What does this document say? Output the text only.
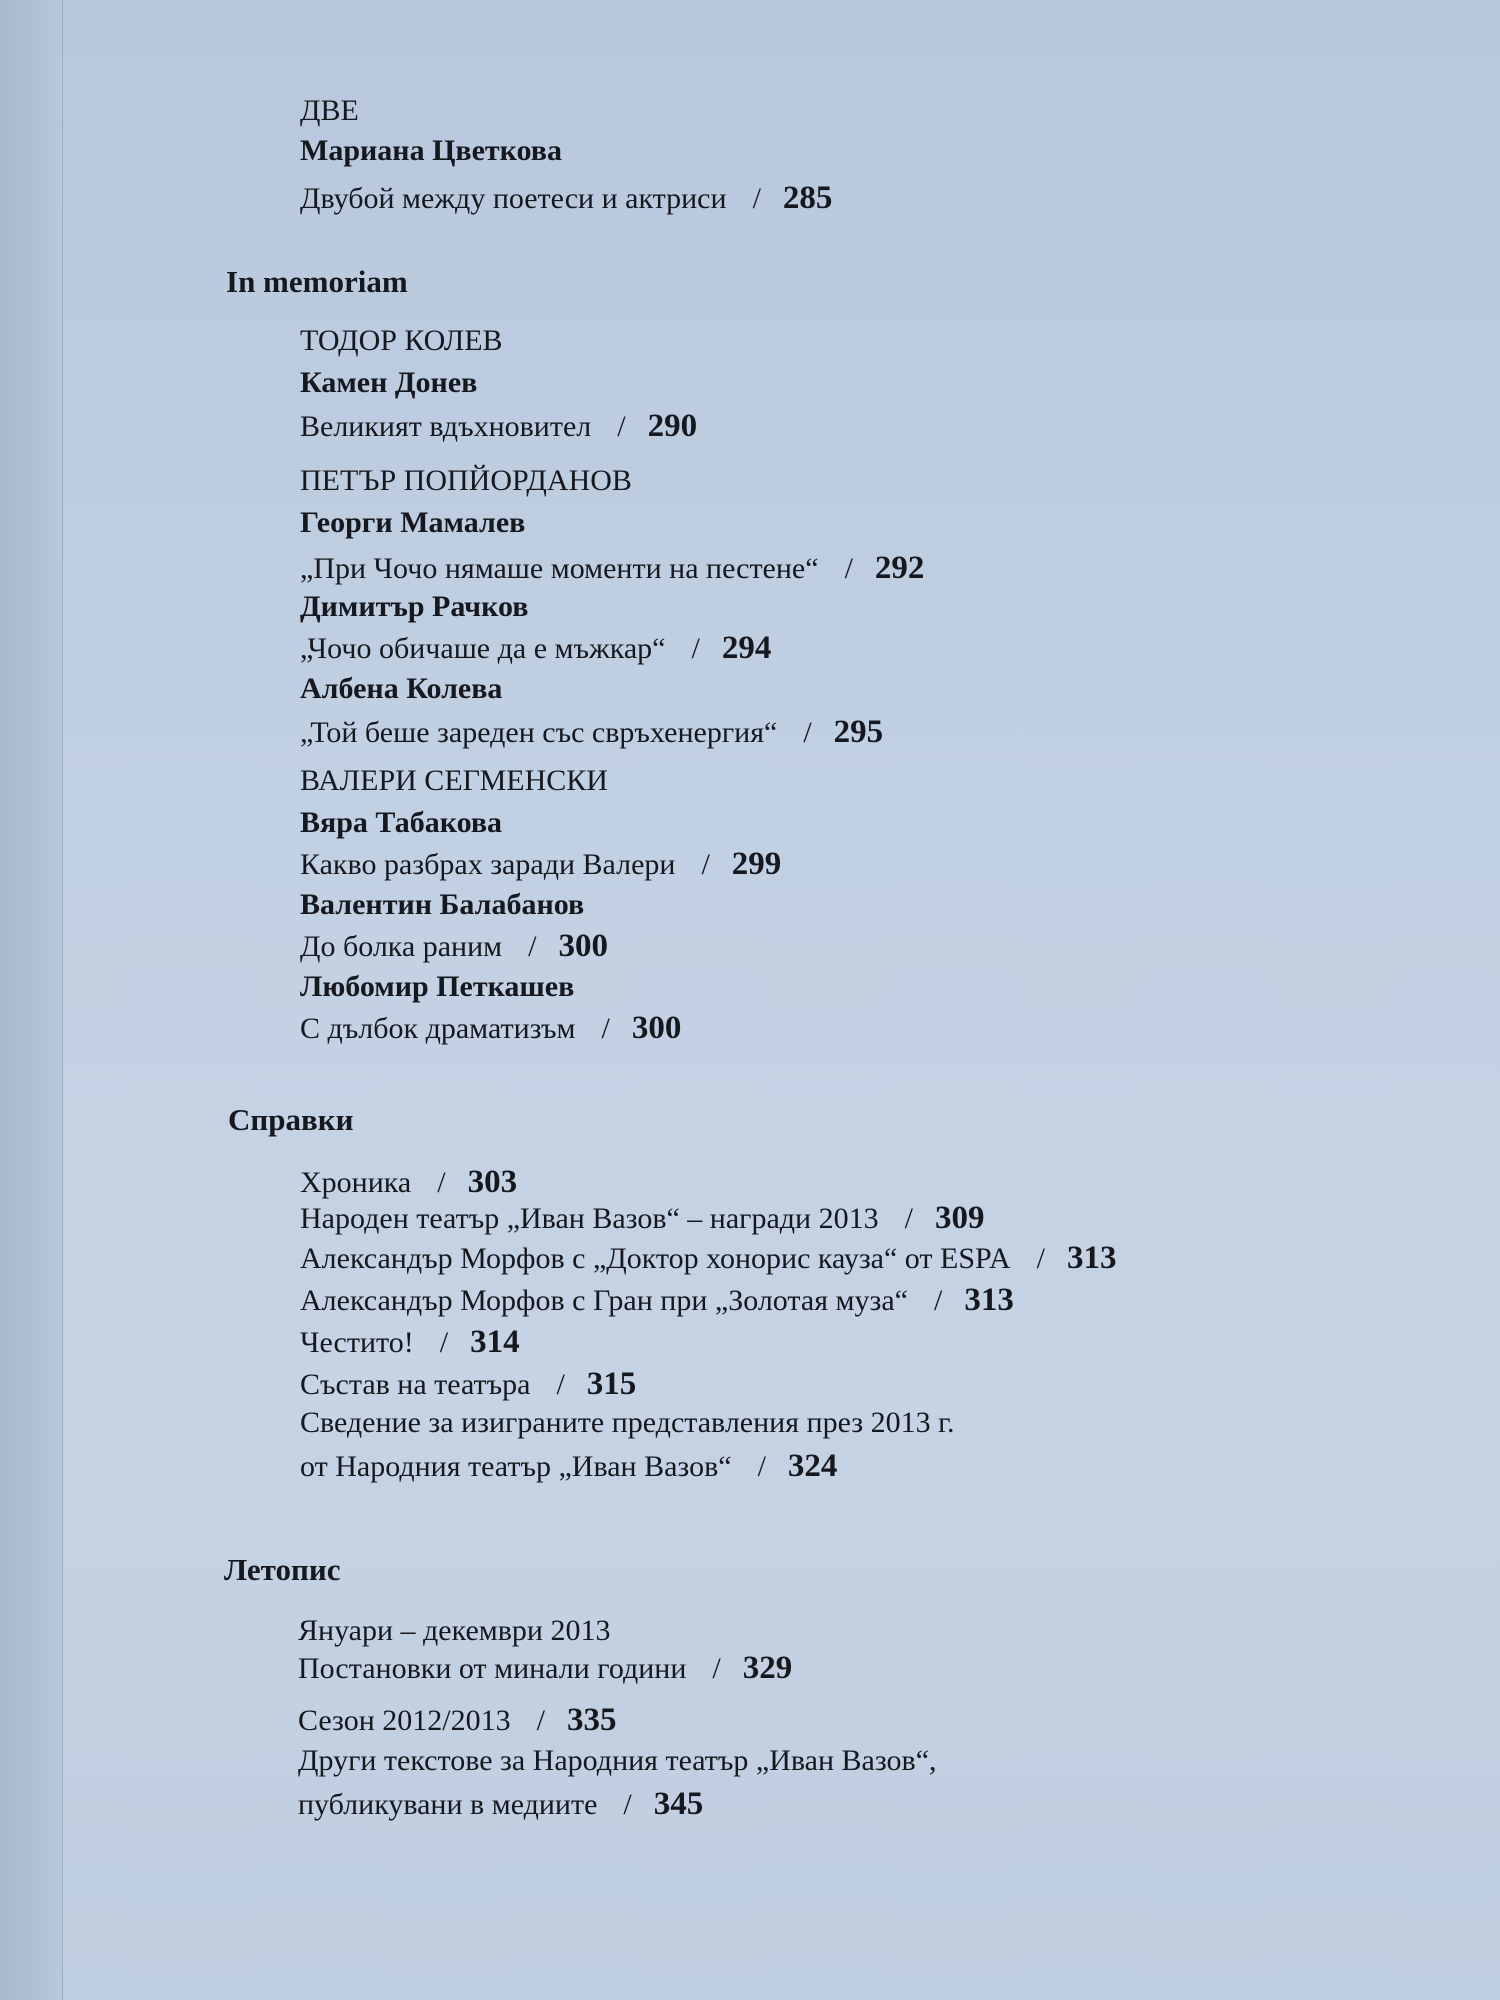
ДВЕ
Мариана Цветкова
Двубой между поетеси и актриси / 285
In memoriam
ТОДОР КОЛЕВ
Камен Донев
Великият вдъхновител / 290
ПЕТЪР ПОПЙОРДАНОВ
Георги Мамалев
„При Чочо нямаше моменти на пестене“ / 292
Димитър Рачков
„Чочо обичаше да е мъжкар“ / 294
Албена Колева
„Той беше зареден със свръхенергия“ / 295
ВАЛЕРИ СЕГМЕНСКИ
Вяра Табакова
Какво разбрах заради Валери / 299
Валентин Балабанов
До болка раним / 300
Любомир Петкашев
С дълбок драматизъм / 300
Справки
Хроника / 303
Народен театър „Иван Вазов“ – награди 2013 / 309
Александър Морфов с „Доктор хонорис кауза“ от ESPA / 313
Александър Морфов с Гран при „Золотая муза“ / 313
Честито! / 314
Състав на театъра / 315
Сведение за изиграните представления през 2013 г.
от Народния театър „Иван Вазов“ / 324
Летопис
Януари – декември 2013
Постановки от минали години / 329
Сезон 2012/2013 / 335
Други текстове за Народния театър „Иван Вазов“,
публикувани в медиите / 345
